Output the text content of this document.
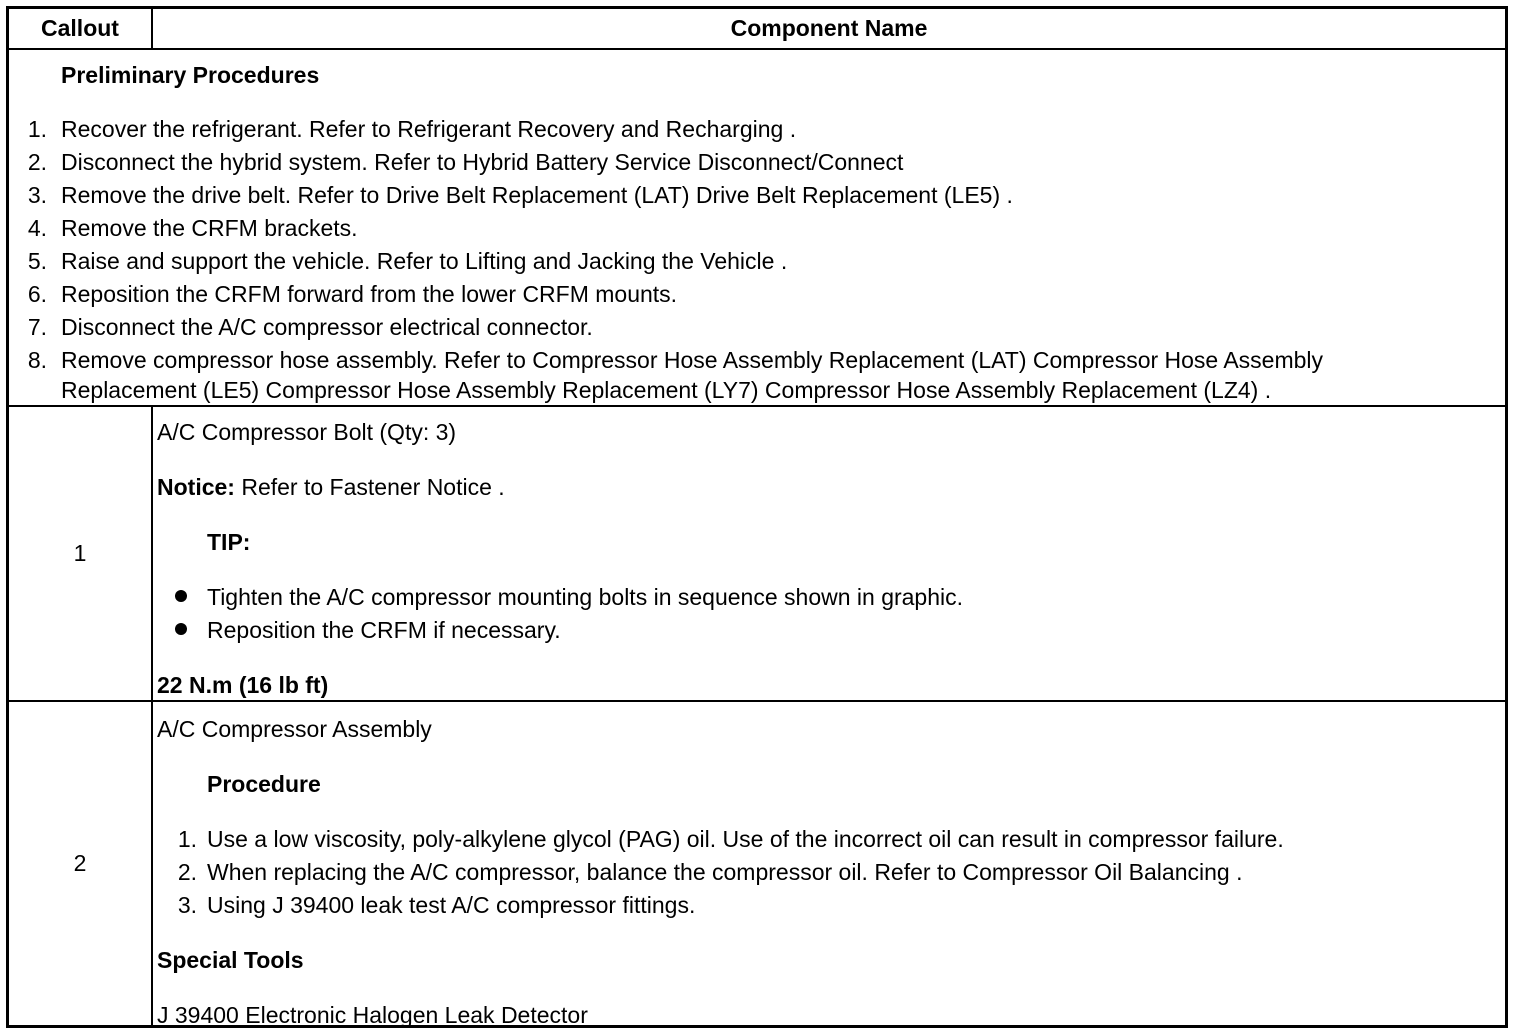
Callout	Component Name
Preliminary Procedures
1. Recover the refrigerant. Refer to Refrigerant Recovery and Recharging .
2. Disconnect the hybrid system. Refer to Hybrid Battery Service Disconnect/Connect
3. Remove the drive belt. Refer to Drive Belt Replacement (LAT) Drive Belt Replacement (LE5) .
4. Remove the CRFM brackets.
5. Raise and support the vehicle. Refer to Lifting and Jacking the Vehicle .
6. Reposition the CRFM forward from the lower CRFM mounts.
7. Disconnect the A/C compressor electrical connector.
8. Remove compressor hose assembly. Refer to Compressor Hose Assembly Replacement (LAT) Compressor Hose Assembly
Replacement (LE5) Compressor Hose Assembly Replacement (LY7) Compressor Hose Assembly Replacement (LZ4) .
1
A/C Compressor Bolt (Qty: 3)
Notice: Refer to Fastener Notice .
TIP:
Tighten the A/C compressor mounting bolts in sequence shown in graphic.
Reposition the CRFM if necessary.
22 N.m (16 lb ft)
2
A/C Compressor Assembly
Procedure
1. Use a low viscosity, poly-alkylene glycol (PAG) oil. Use of the incorrect oil can result in compressor failure.
2. When replacing the A/C compressor, balance the compressor oil. Refer to Compressor Oil Balancing .
3. Using J 39400 leak test A/C compressor fittings.
Special Tools
J 39400 Electronic Halogen Leak Detector
